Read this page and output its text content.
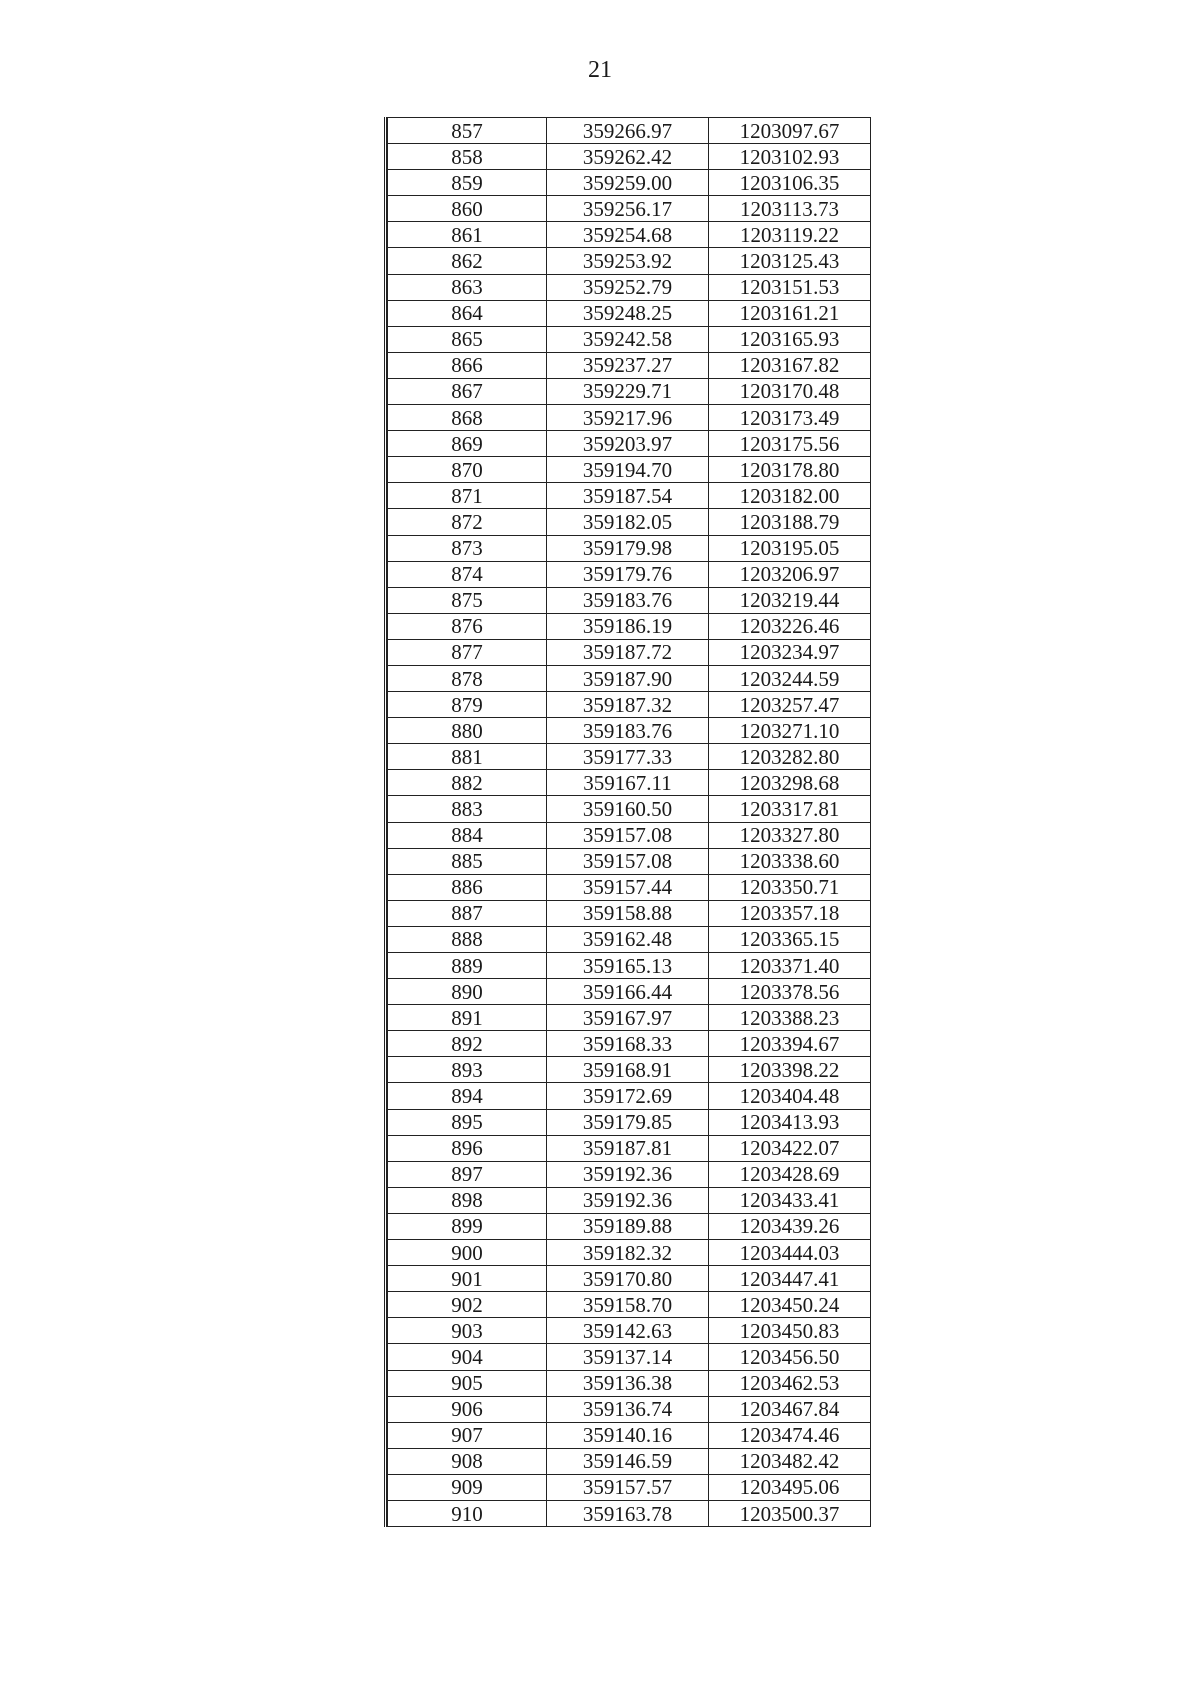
21
857	359266.97	1203097.67
858	359262.42	1203102.93
859	359259.00	1203106.35
860	359256.17	1203113.73
861	359254.68	1203119.22
862	359253.92	1203125.43
863	359252.79	1203151.53
864	359248.25	1203161.21
865	359242.58	1203165.93
866	359237.27	1203167.82
867	359229.71	1203170.48
868	359217.96	1203173.49
869	359203.97	1203175.56
870	359194.70	1203178.80
871	359187.54	1203182.00
872	359182.05	1203188.79
873	359179.98	1203195.05
874	359179.76	1203206.97
875	359183.76	1203219.44
876	359186.19	1203226.46
877	359187.72	1203234.97
878	359187.90	1203244.59
879	359187.32	1203257.47
880	359183.76	1203271.10
881	359177.33	1203282.80
882	359167.11	1203298.68
883	359160.50	1203317.81
884	359157.08	1203327.80
885	359157.08	1203338.60
886	359157.44	1203350.71
887	359158.88	1203357.18
888	359162.48	1203365.15
889	359165.13	1203371.40
890	359166.44	1203378.56
891	359167.97	1203388.23
892	359168.33	1203394.67
893	359168.91	1203398.22
894	359172.69	1203404.48
895	359179.85	1203413.93
896	359187.81	1203422.07
897	359192.36	1203428.69
898	359192.36	1203433.41
899	359189.88	1203439.26
900	359182.32	1203444.03
901	359170.80	1203447.41
902	359158.70	1203450.24
903	359142.63	1203450.83
904	359137.14	1203456.50
905	359136.38	1203462.53
906	359136.74	1203467.84
907	359140.16	1203474.46
908	359146.59	1203482.42
909	359157.57	1203495.06
910	359163.78	1203500.37
